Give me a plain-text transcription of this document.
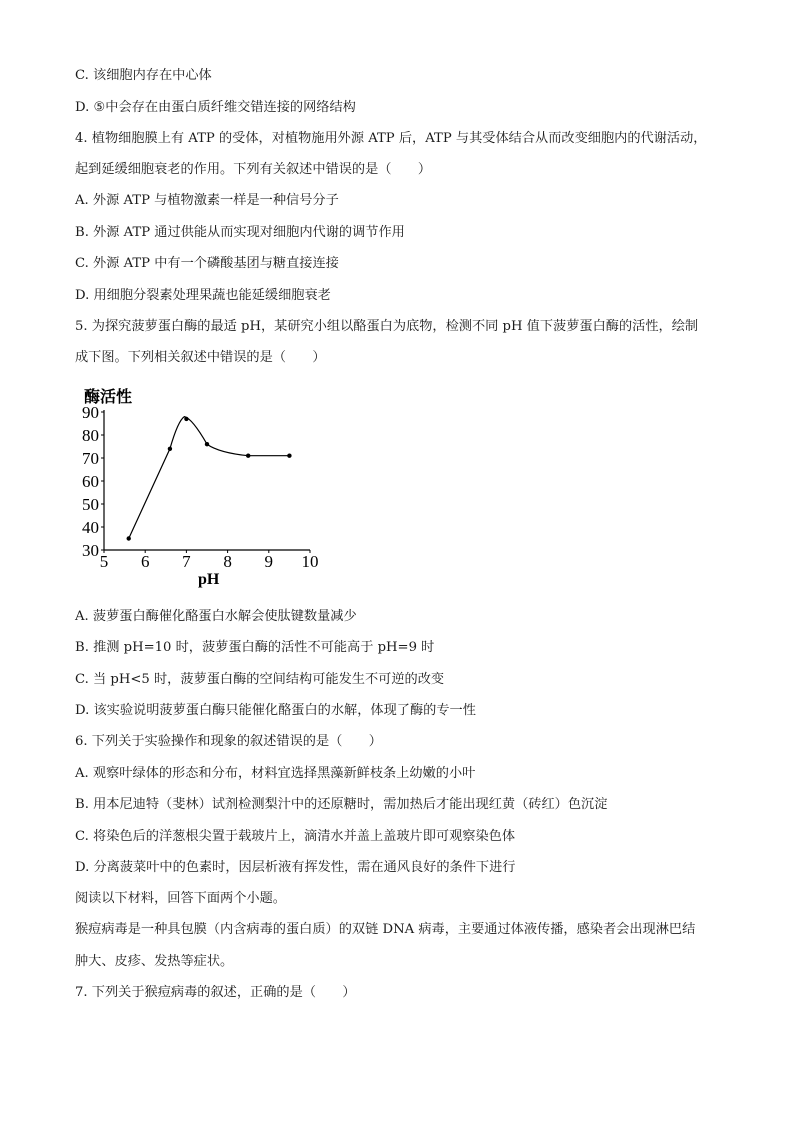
C. 该细胞内存在中心体
D. ⑤中会存在由蛋白质纤维交错连接的网络结构
4. 植物细胞膜上有 ATP 的受体，对植物施用外源 ATP 后，ATP 与其受体结合从而改变细胞内的代谢活动，
起到延缓细胞衰老的作用。下列有关叙述中错误的是（　　）
A. 外源 ATP 与植物激素一样是一种信号分子
B. 外源 ATP 通过供能从而实现对细胞内代谢的调节作用
C. 外源 ATP 中有一个磷酸基团与糖直接连接
D. 用细胞分裂素处理果蔬也能延缓细胞衰老
5. 为探究菠萝蛋白酶的最适 pH，某研究小组以酪蛋白为底物，检测不同 pH 值下菠萝蛋白酶的活性，绘制
成下图。下列相关叙述中错误的是（　　）
酶活性
pH
30
40
50
60
70
80
90
5 6 7 8 9 10
A. 菠萝蛋白酶催化酪蛋白水解会使肽键数量减少
B. 推测 pH=10 时，菠萝蛋白酶的活性不可能高于 pH=9 时
C. 当 pH<5 时，菠萝蛋白酶的空间结构可能发生不可逆的改变
D. 该实验说明菠萝蛋白酶只能催化酪蛋白的水解，体现了酶的专一性
6. 下列关于实验操作和现象的叙述错误的是（　　）
A. 观察叶绿体的形态和分布，材料宜选择黑藻新鲜枝条上幼嫩的小叶
B. 用本尼迪特（斐林）试剂检测梨汁中的还原糖时，需加热后才能出现红黄（砖红）色沉淀
C. 将染色后的洋葱根尖置于载玻片上，滴清水并盖上盖玻片即可观察染色体
D. 分离菠菜叶中的色素时，因层析液有挥发性，需在通风良好的条件下进行
阅读以下材料，回答下面两个小题。
猴痘病毒是一种具包膜（内含病毒的蛋白质）的双链 DNA 病毒，主要通过体液传播，感染者会出现淋巴结
肿大、皮疹、发热等症状。
7. 下列关于猴痘病毒的叙述，正确的是（　　）
